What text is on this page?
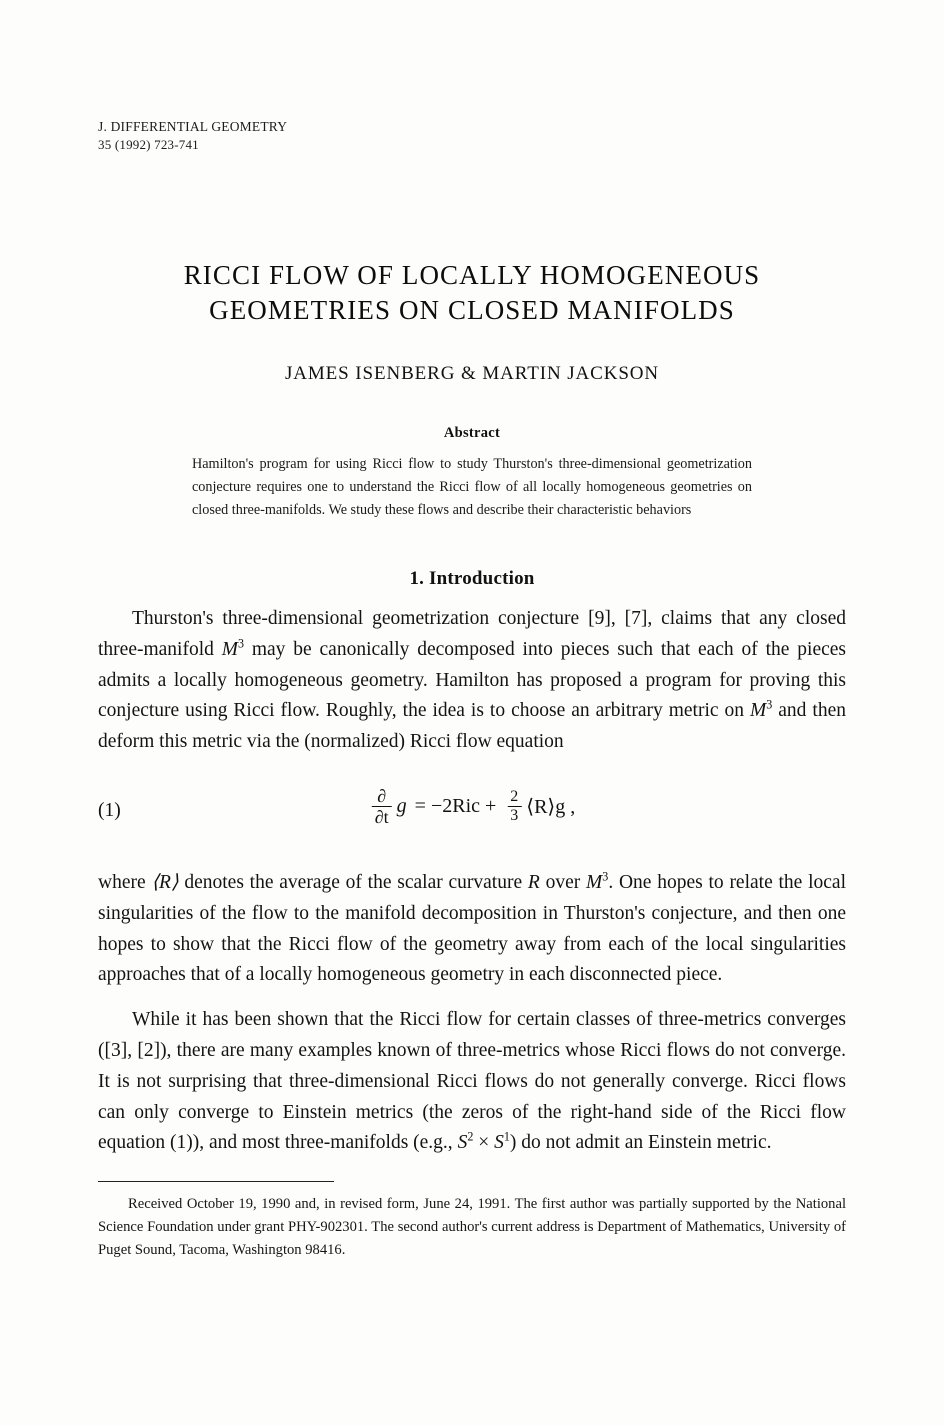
J. DIFFERENTIAL GEOMETRY
35 (1992) 723-741
RICCI FLOW OF LOCALLY HOMOGENEOUS
GEOMETRIES ON CLOSED MANIFOLDS
JAMES ISENBERG & MARTIN JACKSON
Abstract
Hamilton's program for using Ricci flow to study Thurston's three-dimensional geometrization conjecture requires one to understand the Ricci flow of all locally homogeneous geometries on closed three-manifolds. We study these flows and describe their characteristic behaviors
1. Introduction
Thurston's three-dimensional geometrization conjecture [9], [7], claims that any closed three-manifold $M^3$ may be canonically decomposed into pieces such that each of the pieces admits a locally homogeneous geometry. Hamilton has proposed a program for proving this conjecture using Ricci flow. Roughly, the idea is to choose an arbitrary metric on $M^3$ and then deform this metric via the (normalized) Ricci flow equation
(1)	$\frac{\partial}{\partial t}$ $g = -2Ric + \frac{2}{3}$ ⟨R⟩g ,
where ⟨R⟩ denotes the average of the scalar curvature R over $M^3$. One hopes to relate the local singularities of the flow to the manifold decomposition in Thurston's conjecture, and then one hopes to show that the Ricci flow of the geometry away from each of the local singularities approaches that of a locally homogeneous geometry in each disconnected piece.
While it has been shown that the Ricci flow for certain classes of three-metrics converges ([3], [2]), there are many examples known of three-metrics whose Ricci flows do not converge. It is not surprising that three-dimensional Ricci flows do not generally converge. Ricci flows can only converge to Einstein metrics (the zeros of the right-hand side of the Ricci flow equation (1)), and most three-manifolds (e.g., $S^2 \times S^1$) do not admit an Einstein metric.
Received October 19, 1990 and, in revised form, June 24, 1991. The first author was partially supported by the National Science Foundation under grant PHY-902301. The second author's current address is Department of Mathematics, University of Puget Sound, Tacoma, Washington 98416.
